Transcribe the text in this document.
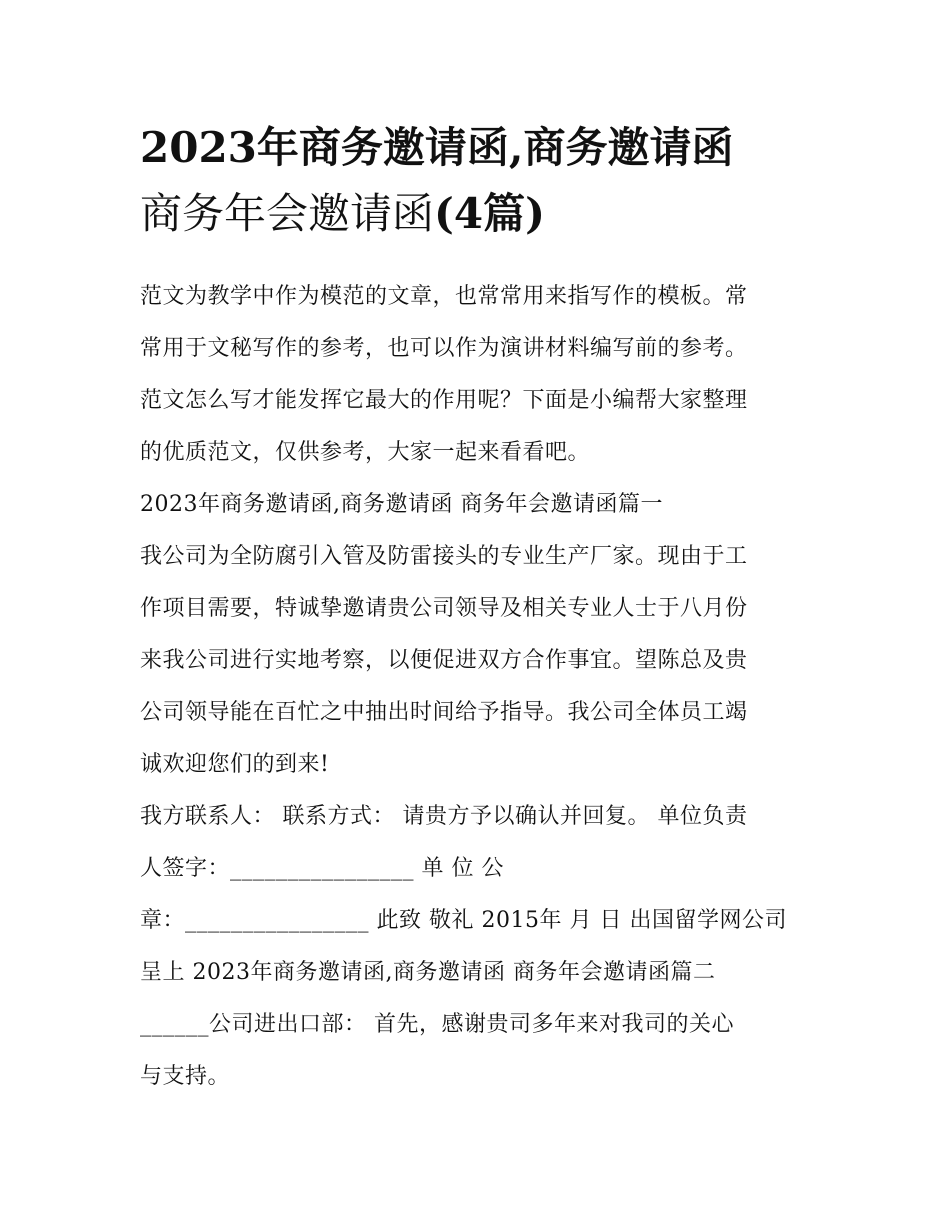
2023年商务邀请函,商务邀请函
商务年会邀请函(4篇)
范文为教学中作为模范的文章，也常常用来指写作的模板。常
常用于文秘写作的参考，也可以作为演讲材料编写前的参考。
范文怎么写才能发挥它最大的作用呢？下面是小编帮大家整理
的优质范文，仅供参考，大家一起来看看吧。
2023年商务邀请函,商务邀请函 商务年会邀请函篇一
我公司为全防腐引入管及防雷接头的专业生产厂家。现由于工
作项目需要，特诚挚邀请贵公司领导及相关专业人士于八月份
来我公司进行实地考察，以便促进双方合作事宜。望陈总及贵
公司领导能在百忙之中抽出时间给予指导。我公司全体员工竭
诚欢迎您们的到来!
我方联系人： 联系方式： 请贵方予以确认并回复。 单位负责
人签字：________________ 单 位 公
章：________________ 此致 敬礼 2015年 月 日 出国留学网公司
呈上 2023年商务邀请函,商务邀请函 商务年会邀请函篇二
______公司进出口部： 首先，感谢贵司多年来对我司的关心
与支持。
